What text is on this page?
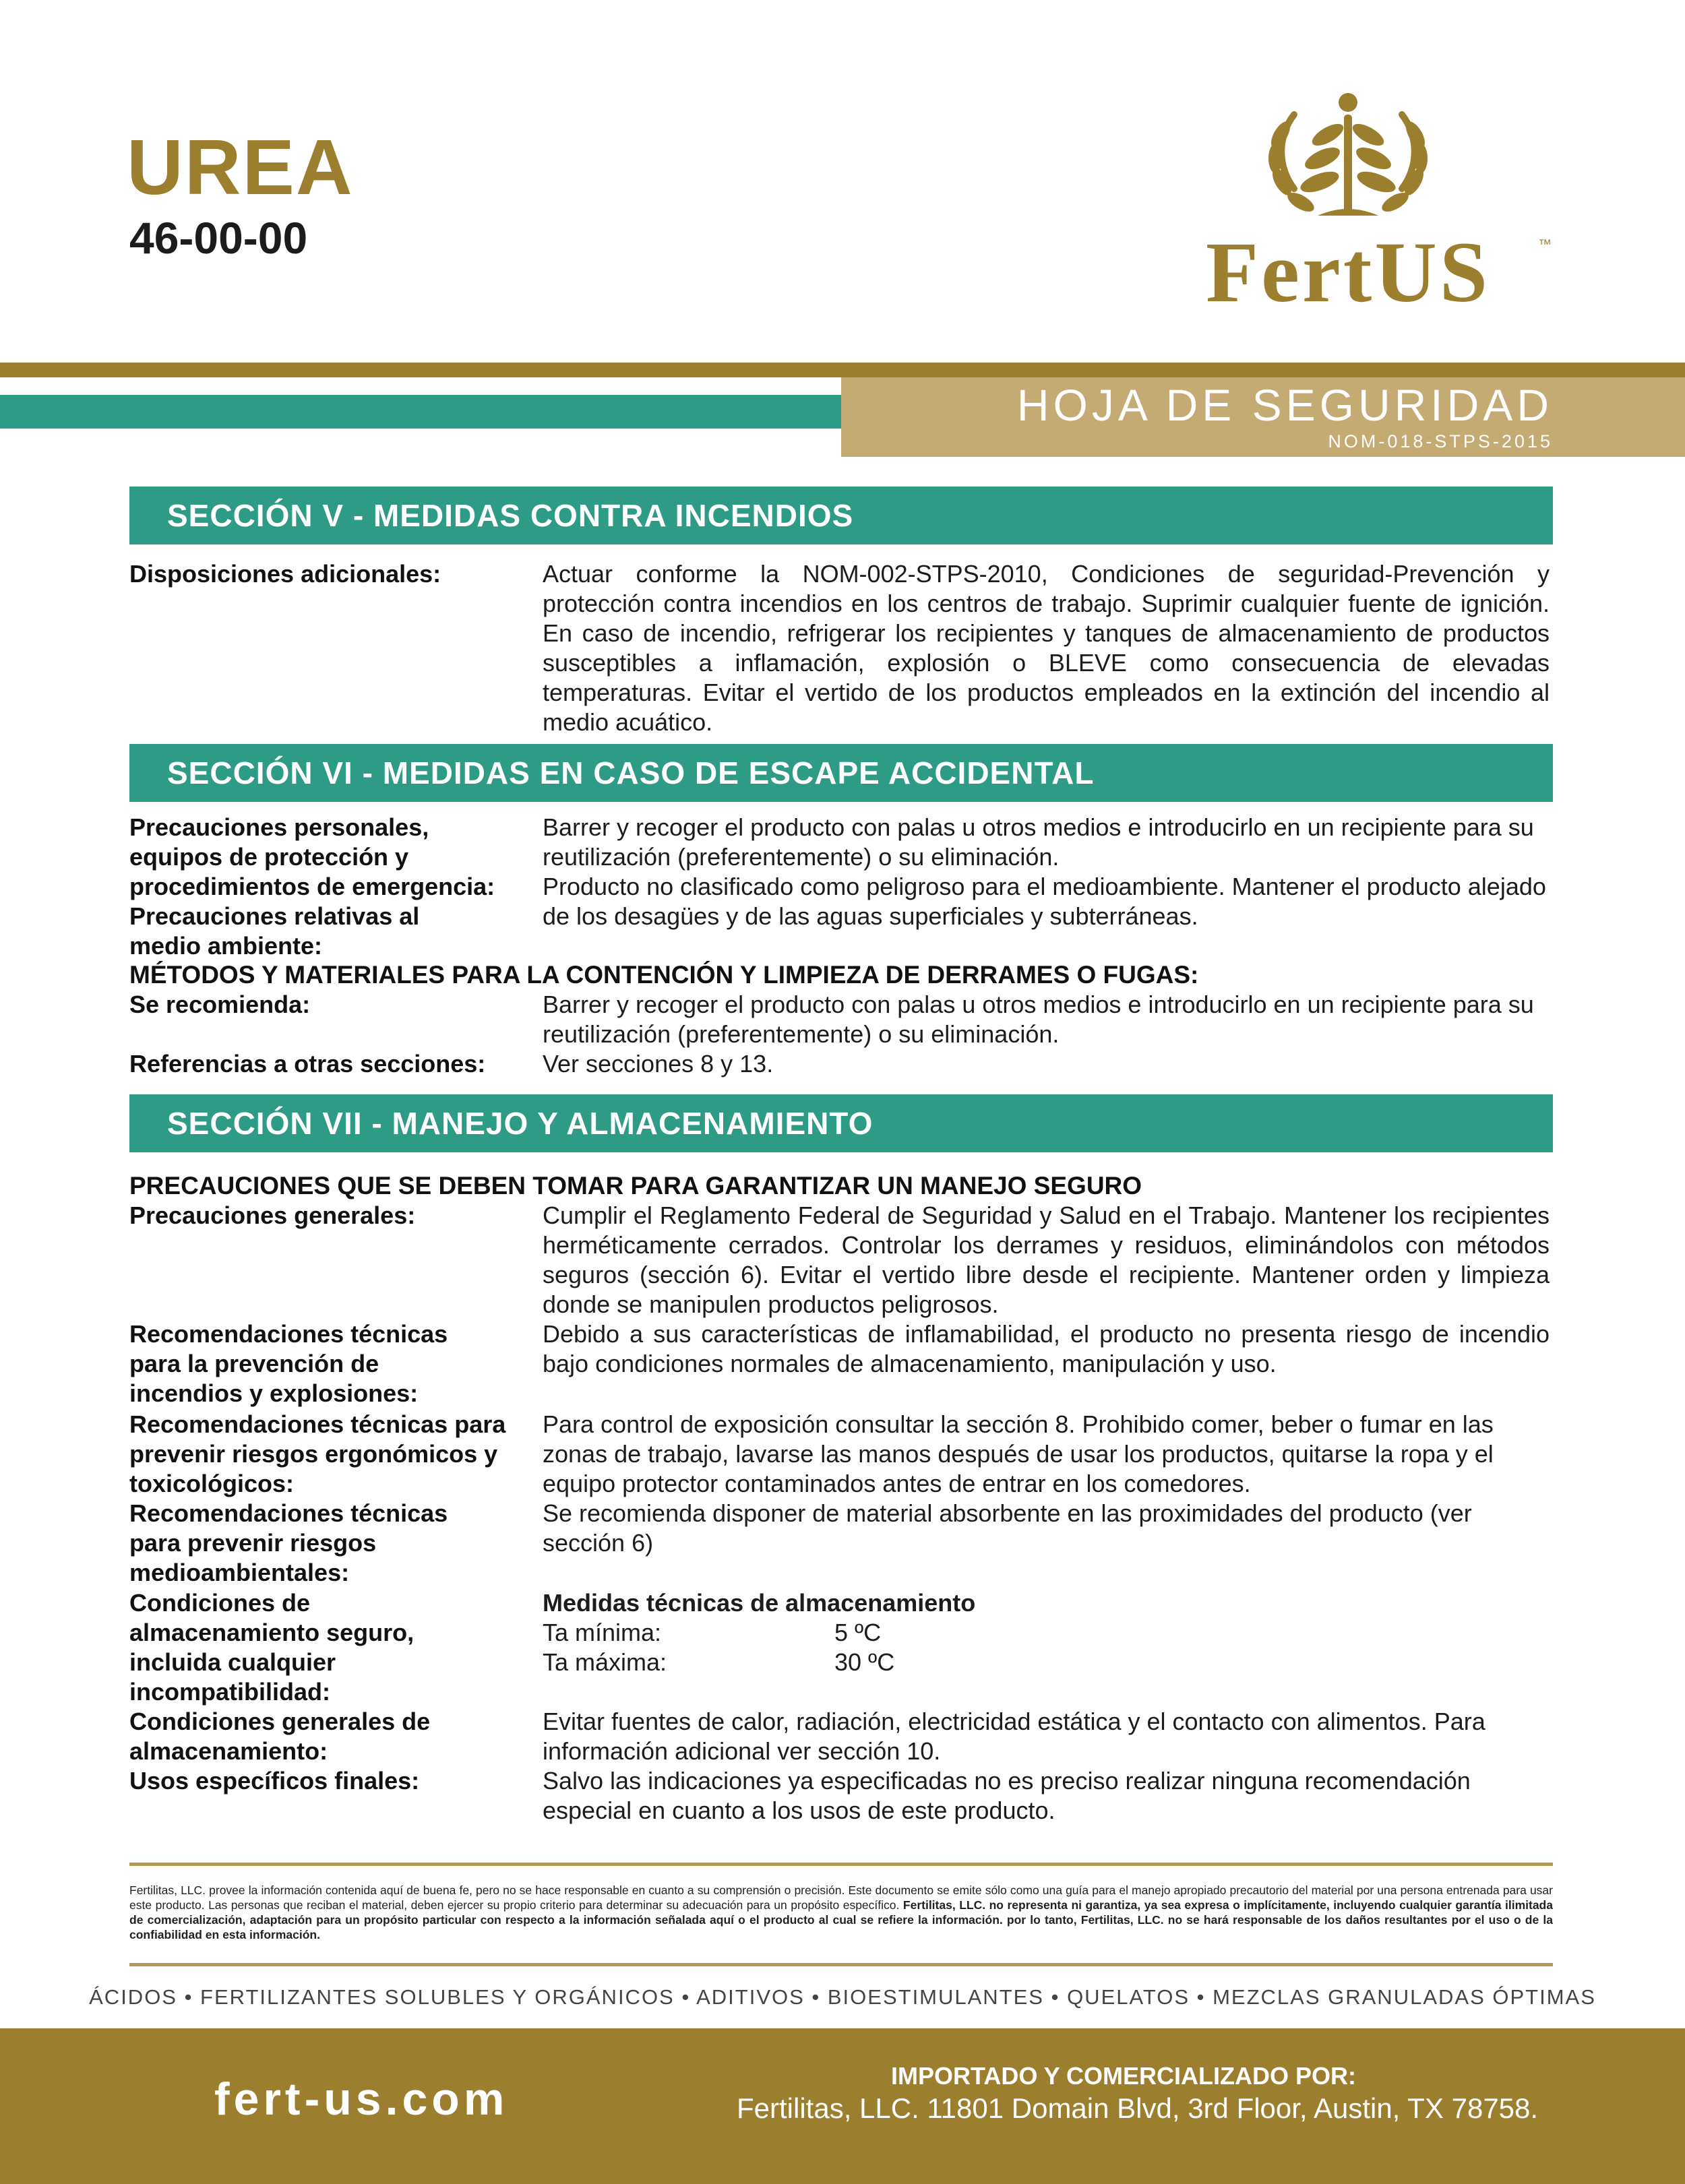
UREA
46-00-00	FertUS	™
HOJA DE SEGURIDAD
NOM-018-STPS-2015
SECCIÓN V - MEDIDAS CONTRA INCENDIOS
Disposiciones adicionales:	Actuar conforme la NOM-002-STPS-2010, Condiciones de seguridad-Prevención y protección contra incendios en los centros de trabajo. Suprimir cualquier fuente de ignición. En caso de incendio, refrigerar los recipientes y tanques de almacenamiento de productos susceptibles a inflamación, explosión o BLEVE como consecuencia de elevadas temperaturas. Evitar el vertido de los productos empleados en la extinción del incendio al medio acuático.
SECCIÓN VI - MEDIDAS EN CASO DE ESCAPE ACCIDENTAL
Precauciones personales, equipos de protección y procedimientos de emergencia:
Barrer y recoger el producto con palas u otros medios e introducirlo en un recipiente para su reutilización (preferentemente) o su eliminación.
Precauciones relativas al medio ambiente:
Producto no clasificado como peligroso para el medioambiente. Mantener el producto alejado de los desagües y de las aguas superficiales y subterráneas.
MÉTODOS Y MATERIALES PARA LA CONTENCIÓN Y LIMPIEZA DE DERRAMES O FUGAS:
Se recomienda:	Barrer y recoger el producto con palas u otros medios e introducirlo en un recipiente para su reutilización (preferentemente) o su eliminación.
Referencias a otras secciones:	Ver secciones 8 y 13.
SECCIÓN VII - MANEJO Y ALMACENAMIENTO
PRECAUCIONES QUE SE DEBEN TOMAR PARA GARANTIZAR UN MANEJO SEGURO
Precauciones generales:	Cumplir el Reglamento Federal de Seguridad y Salud en el Trabajo. Mantener los recipientes herméticamente cerrados. Controlar los derrames y residuos, eliminándolos con métodos seguros (sección 6). Evitar el vertido libre desde el recipiente. Mantener orden y limpieza donde se manipulen productos peligrosos.
Recomendaciones técnicas para la prevención de incendios y explosiones:
Debido a sus características de inflamabilidad, el producto no presenta riesgo de incendio bajo condiciones normales de almacenamiento, manipulación y uso.
Recomendaciones técnicas para prevenir riesgos ergonómicos y toxicológicos:
Para control de exposición consultar la sección 8. Prohibido comer, beber o fumar en las zonas de trabajo, lavarse las manos después de usar los productos, quitarse la ropa y el equipo protector contaminados antes de entrar en los comedores.
Recomendaciones técnicas para prevenir riesgos medioambientales:
Se recomienda disponer de material absorbente en las proximidades del producto (ver sección 6)
Condiciones de almacenamiento seguro, incluida cualquier incompatibilidad:
Medidas técnicas de almacenamiento
Ta mínima:	5 ºC
Ta máxima:	30 ºC
Condiciones generales de almacenamiento:
Evitar fuentes de calor, radiación, electricidad estática y el contacto con alimentos. Para información adicional ver sección 10.
Usos específicos finales:	Salvo las indicaciones ya especificadas no es preciso realizar ninguna recomendación especial en cuanto a los usos de este producto.
Fertilitas, LLC. provee la información contenida aquí de buena fe, pero no se hace responsable en cuanto a su comprensión o precisión. Este documento se emite sólo como una guía para el manejo apropiado precautorio del material por una persona entrenada para usar este producto. Las personas que reciban el material, deben ejercer su propio criterio para determinar su adecuación para un propósito específico. Fertilitas, LLC. no representa ni garantiza, ya sea expresa o implícitamente, incluyendo cualquier garantía ilimitada de comercialización, adaptación para un propósito particular con respecto a la información señalada aquí o el producto al cual se refiere la información. por lo tanto, Fertilitas, LLC. no se hará responsable de los daños resultantes por el uso o de la confiabilidad en esta información.
ÁCIDOS • FERTILIZANTES SOLUBLES Y ORGÁNICOS • ADITIVOS • BIOESTIMULANTES • QUELATOS • MEZCLAS GRANULADAS ÓPTIMAS
fert-us.com	IMPORTADO Y COMERCIALIZADO POR:
Fertilitas, LLC. 11801 Domain Blvd, 3rd Floor, Austin, TX 78758.
